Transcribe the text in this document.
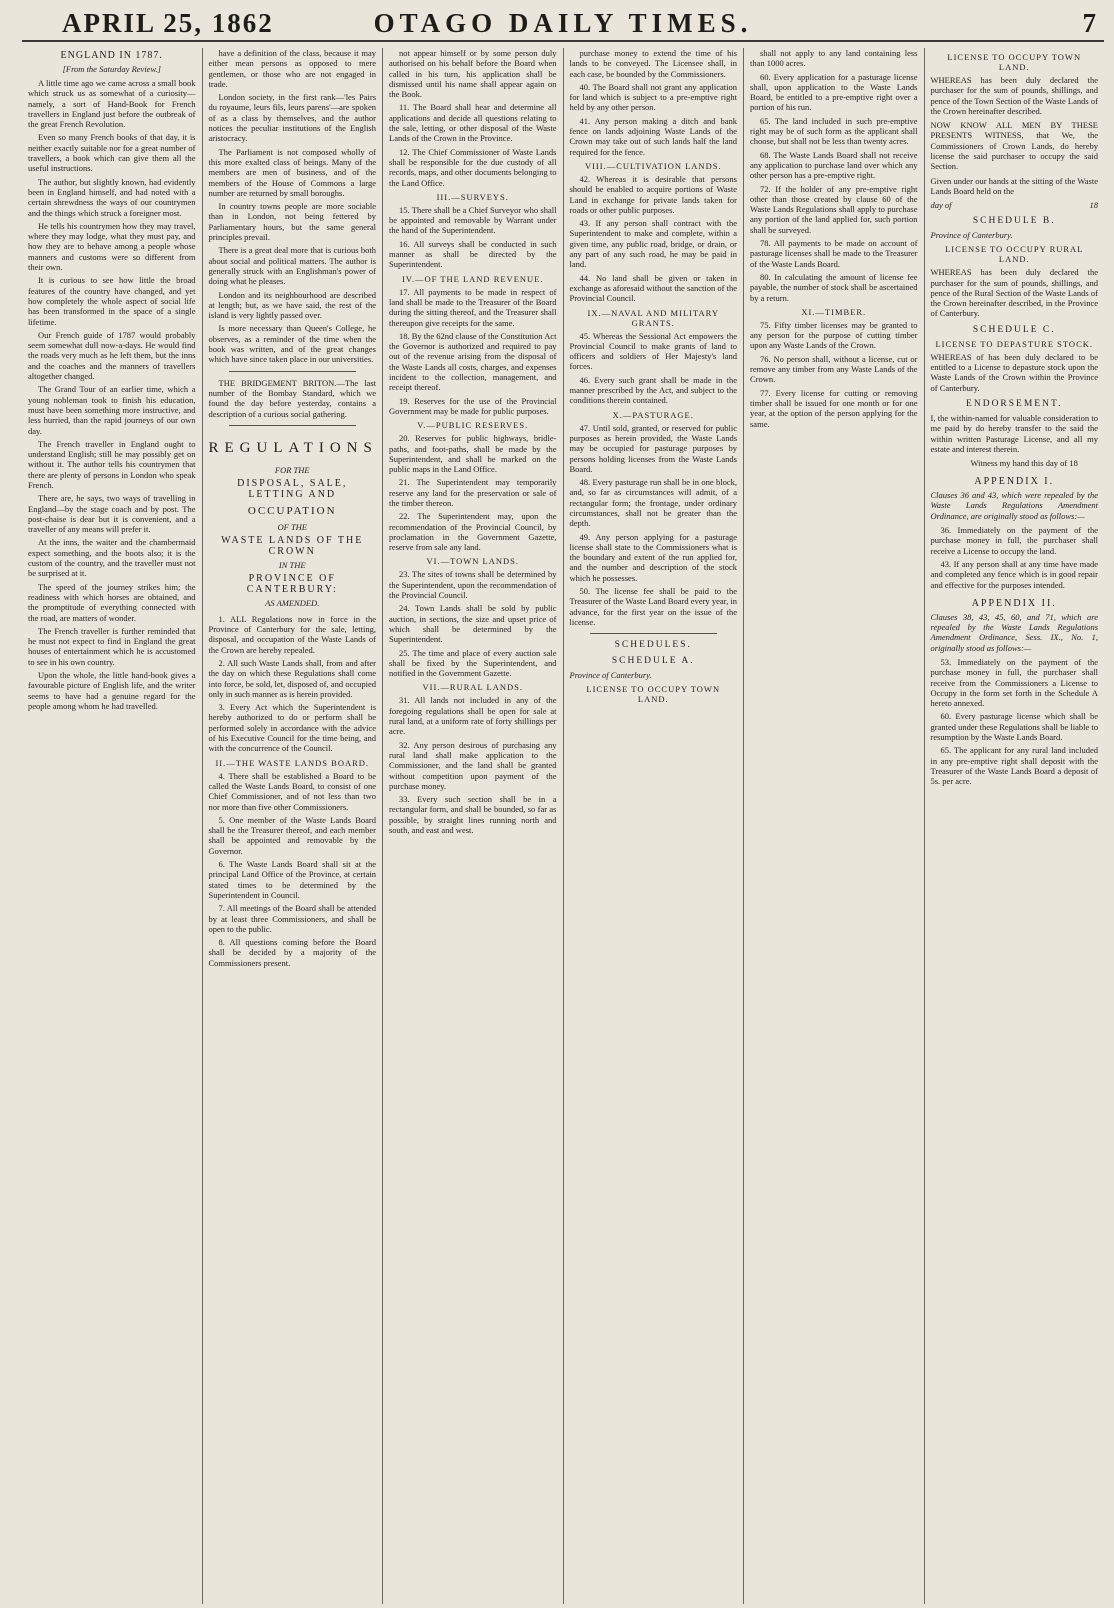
APRIL 25, 1862	OTAGO DAILY TIMES.	7
ENGLAND IN 1787.
[From the Saturday Review.]

A little time ago we came across a small book which struck us as somewhat of a curiosity—namely, a sort of Hand-Book for French travellers in England just before the outbreak of the great French Revolution.

Even so many French books of that day, it is neither exactly suitable nor for a great number of travellers, a book which can give them all the useful instructions.

The author, but slightly known, had evidently been in England himself, and had noted with a certain shrewdness the ways of our countrymen and the things which struck a foreigner most.

He tells his countrymen how they may travel, where they may lodge, what they must pay, and how they are to behave among a people whose manners and customs were so different from their own.

It is curious to see how little the broad features of the country have changed, and yet how completely the whole aspect of social life has been transformed in the space of a single lifetime.

Our French guide of 1787 would probably seem somewhat dull now-a-days. He would find the roads very much as he left them, but the inns and the coaches and the manners of travellers altogether changed.

The Grand Tour of an earlier time, which a young nobleman took to finish his education, must have been something more instructive, and less hurried, than the rapid journeys of our own day.

The French traveller in England ought to understand English; still he may possibly get on without it. The author tells his countrymen that there are plenty of persons in London who speak French.

There are, he says, two ways of travelling in England—by the stage coach and by post. The post-chaise is dear but it is convenient, and a traveller of any means will prefer it.

At the inns, the waiter and the chambermaid expect something, and the boots also; it is the custom of the country, and the traveller must not be surprised at it.

The speed of the journey strikes him; the readiness with which horses are obtained, and the promptitude of everything connected with the road, are matters of wonder.

The French traveller is further reminded that he must not expect to find in England the great houses of entertainment which he is accustomed to see in his own country.

Upon the whole, the little hand-book gives a favourable picture of English life, and the writer seems to have had a genuine regard for the people among whom he had travelled.

have a definition of the class, because it may either mean persons as opposed to mere gentlemen, or those who are not engaged in trade.

London society, in the first rank—'les Pairs du royaume, leurs fils, leurs parens'—are spoken of as a class by themselves, and the author notices the peculiar institutions of the English aristocracy.

The Parliament is not composed wholly of this more exalted class of beings. Many of the members are men of business, and of the members of the House of Commons a large number are returned by small boroughs.

In country towns people are more sociable than in London, not being fettered by Parliamentary hours, but the same general principles prevail.

There is a great deal more that is curious both about social and political matters. The author is generally struck with an Englishman's power of doing what he pleases.

London and its neighbourhood are described at length; but, as we have said, the rest of the island is very lightly passed over.

Is more necessary than Queen's College, he observes, as a reminder of the time when the book was written, and of the great changes which have since taken place in our universities.

THE BRIDGEMENT BRITON.—The last number of the Bombay Standard, which we found the day before yesterday, contains a description of a curious social gathering.
REGULATIONS
FOR THE
DISPOSAL, SALE, LETTING AND
OCCUPATION
OF THE
WASTE LANDS OF THE CROWN
IN THE
PROVINCE OF CANTERBURY:
AS AMENDED.

1. ALL Regulations now in force in the Province of Canterbury for the sale, letting, disposal, and occupation of the Waste Lands of the Crown are hereby repealed.

2. All such Waste Lands shall, from and after the day on which these Regulations shall come into force, be sold, let, disposed of, and occupied only in such manner as is herein provided.

3. Every Act which the Superintendent is hereby authorized to do or perform shall be performed solely in accordance with the advice of his Executive Council for the time being, and with the concurrence of the Council.

II.—THE WASTE LANDS BOARD.

4. There shall be established a Board to be called the Waste Lands Board, to consist of one Chief Commissioner, and of not less than two nor more than five other Commissioners.

5. One member of the Waste Lands Board shall be the Treasurer thereof, and each member shall be appointed and removable by the Governor.

6. The Waste Lands Board shall sit at the principal Land Office of the Province, at certain stated times to be determined by the Superintendent in Council.

7. All meetings of the Board shall be attended by at least three Commissioners, and shall be open to the public.

8. All questions coming before the Board shall be decided by a majority of the Commissioners present.

not appear himself or by some person duly authorised on his behalf before the Board when called in his turn, his application shall be dismissed until his name shall appear again on the Book.

11. The Board shall hear and determine all applications and decide all questions relating to the sale, letting, or other disposal of the Waste Lands of the Crown in the Province.

12. The Chief Commissioner of Waste Lands shall be responsible for the due custody of all records, maps, and other documents belonging to the Land Office.

III.—SURVEYS.

15. There shall be a Chief Surveyor who shall be appointed and removable by Warrant under the hand of the Superintendent.

16. All surveys shall be conducted in such manner as shall be directed by the Superintendent.

IV.—OF THE LAND REVENUE.

17. All payments to be made in respect of land shall be made to the Treasurer of the Board during the sitting thereof, and the Treasurer shall thereupon give receipts for the same.

18. By the 62nd clause of the Constitution Act the Governor is authorized and required to pay out of the revenue arising from the disposal of the Waste Lands all costs, charges, and expenses incident to the collection, management, and receipt thereof.

19. Reserves for the use of the Provincial Government may be made for public purposes.

V.—PUBLIC RESERVES.

20. Reserves for public highways, bridle-paths, and foot-paths, shall be made by the Superintendent, and shall be marked on the public maps in the Land Office.

21. The Superintendent may temporarily reserve any land for the preservation or sale of the timber thereon.

22. The Superintendent may, upon the recommendation of the Provincial Council, by proclamation in the Government Gazette, reserve from sale any land.

VI.—TOWN LANDS.

23. The sites of towns shall be determined by the Superintendent, upon the recommendation of the Provincial Council.

24. Town Lands shall be sold by public auction, in sections, the size and upset price of which shall be determined by the Superintendent.

25. The time and place of every auction sale shall be fixed by the Superintendent, and notified in the Government Gazette.

VII.—RURAL LANDS.

31. All lands not included in any of the foregoing regulations shall be open for sale at rural land, at a uniform rate of forty shillings per acre.

32. Any person desirous of purchasing any rural land shall make application to the Commissioner, and the land shall be granted without competition upon payment of the purchase money.

33. Every such section shall be in a rectangular form, and shall be bounded, so far as possible, by straight lines running north and south, and east and west.

purchase money to extend the time of his lands to be conveyed. The Licensee shall, in each case, be bounded by the Commissioners.

40. The Board shall not grant any application for land which is subject to a pre-emptive right held by any other person.

41. Any person making a ditch and bank fence on lands adjoining Waste Lands of the Crown may take out of such lands half the land required for the fence.

VIII.—CULTIVATION LANDS.

42. Whereas it is desirable that persons should be enabled to acquire portions of Waste Land in exchange for private lands taken for roads or other public purposes.

43. If any person shall contract with the Superintendent to make and complete, within a given time, any public road, bridge, or drain, or any part of any such road, he may be paid in land.

44. No land shall be given or taken in exchange as aforesaid without the sanction of the Provincial Council.

IX.—NAVAL AND MILITARY GRANTS.

45. Whereas the Sessional Act empowers the Provincial Council to make grants of land to officers and soldiers of Her Majesty's land forces.

46. Every such grant shall be made in the manner prescribed by the Act, and subject to the conditions therein contained.

X.—PASTURAGE.

47. Until sold, granted, or reserved for public purposes as herein provided, the Waste Lands may be occupied for pasturage purposes by persons holding licenses from the Waste Lands Board.

48. Every pasturage run shall be in one block, and, so far as circumstances will admit, of a rectangular form; the frontage, under ordinary circumstances, shall not be greater than the depth.

49. Any person applying for a pasturage license shall state to the Commissioners what is the boundary and extent of the run applied for, and the number and description of the stock which he possesses.

50. The license fee shall be paid to the Treasurer of the Waste Land Board every year, in advance, for the first year on the issue of the license.

SCHEDULES.
SCHEDULE A.
Province of Canterbury.
LICENSE TO OCCUPY TOWN LAND.

shall not apply to any land containing less than 1000 acres.

60. Every application for a pasturage license shall, upon application to the Waste Lands Board, be entitled to a pre-emptive right over a portion of his run.

65. The land included in such pre-emptive right may be of such form as the applicant shall choose, but shall not be less than twenty acres.

68. The Waste Lands Board shall not receive any application to purchase land over which any other person has a pre-emptive right.

72. If the holder of any pre-emptive right other than those created by clause 60 of the Waste Lands Regulations shall apply to purchase any portion of the land applied for, such portion shall be surveyed.

78. All payments to be made on account of pasturage licenses shall be made to the Treasurer of the Waste Lands Board.

80. In calculating the amount of license fee payable, the number of stock shall be ascertained by a return.

XI.—TIMBER.

75. Fifty timber licenses may be granted to any person for the purpose of cutting timber upon any Waste Lands of the Crown.

76. No person shall, without a license, cut or remove any timber from any Waste Lands of the Crown.

77. Every license for cutting or removing timber shall be issued for one month or for one year, at the option of the person applying for the same.

LICENSE TO OCCUPY TOWN LAND.
WHEREAS has been duly declared the purchaser for the sum of pounds, shillings, and pence of the Town Section of the Waste Lands of the Crown hereinafter described.
NOW KNOW ALL MEN BY THESE PRESENTS WITNESS, that We, the Commissioners of Crown Lands, do hereby license the said purchaser to occupy the said Section.
Given under our hands at the sitting of the Waste Lands Board held on the
day of	18
SCHEDULE B.
Province of Canterbury.
LICENSE TO OCCUPY RURAL LAND.
WHEREAS has been duly declared the purchaser for the sum of pounds, shillings, and pence of the Rural Section of the Waste Lands of the Crown hereinafter described, in the Province of Canterbury.
SCHEDULE C.
LICENSE TO DEPASTURE STOCK.
WHEREAS of has been duly declared to be entitled to a License to depasture stock upon the Waste Lands of the Crown within the Province of Canterbury.
ENDORSEMENT.
I, the within-named for valuable consideration to me paid by do hereby transfer to the said the within written Pasturage License, and all my estate and interest therein.
Witness my hand this day of 18
APPENDIX I.
Clauses 36 and 43, which were repealed by the Waste Lands Regulations Amendment Ordinance, are originally stood as follows:—

36. Immediately on the payment of the purchase money in full, the purchaser shall receive a License to occupy the land.

43. If any person shall at any time have made and completed any fence which is in good repair and effective for the purposes intended.

APPENDIX II.
Clauses 38, 43, 45, 60, and 71, which are repealed by the Waste Lands Regulations Amendment Ordinance, Sess. IX., No. 1, originally stood as follows:—

53. Immediately on the payment of the purchase money in full, the purchaser shall receive from the Commissioners a License to Occupy in the form set forth in the Schedule A hereto annexed.

60. Every pasturage license which shall be granted under these Regulations shall be liable to resumption by the Waste Lands Board.

65. The applicant for any rural land included in any pre-emptive right shall deposit with the Treasurer of the Waste Lands Board a deposit of 5s. per acre.
